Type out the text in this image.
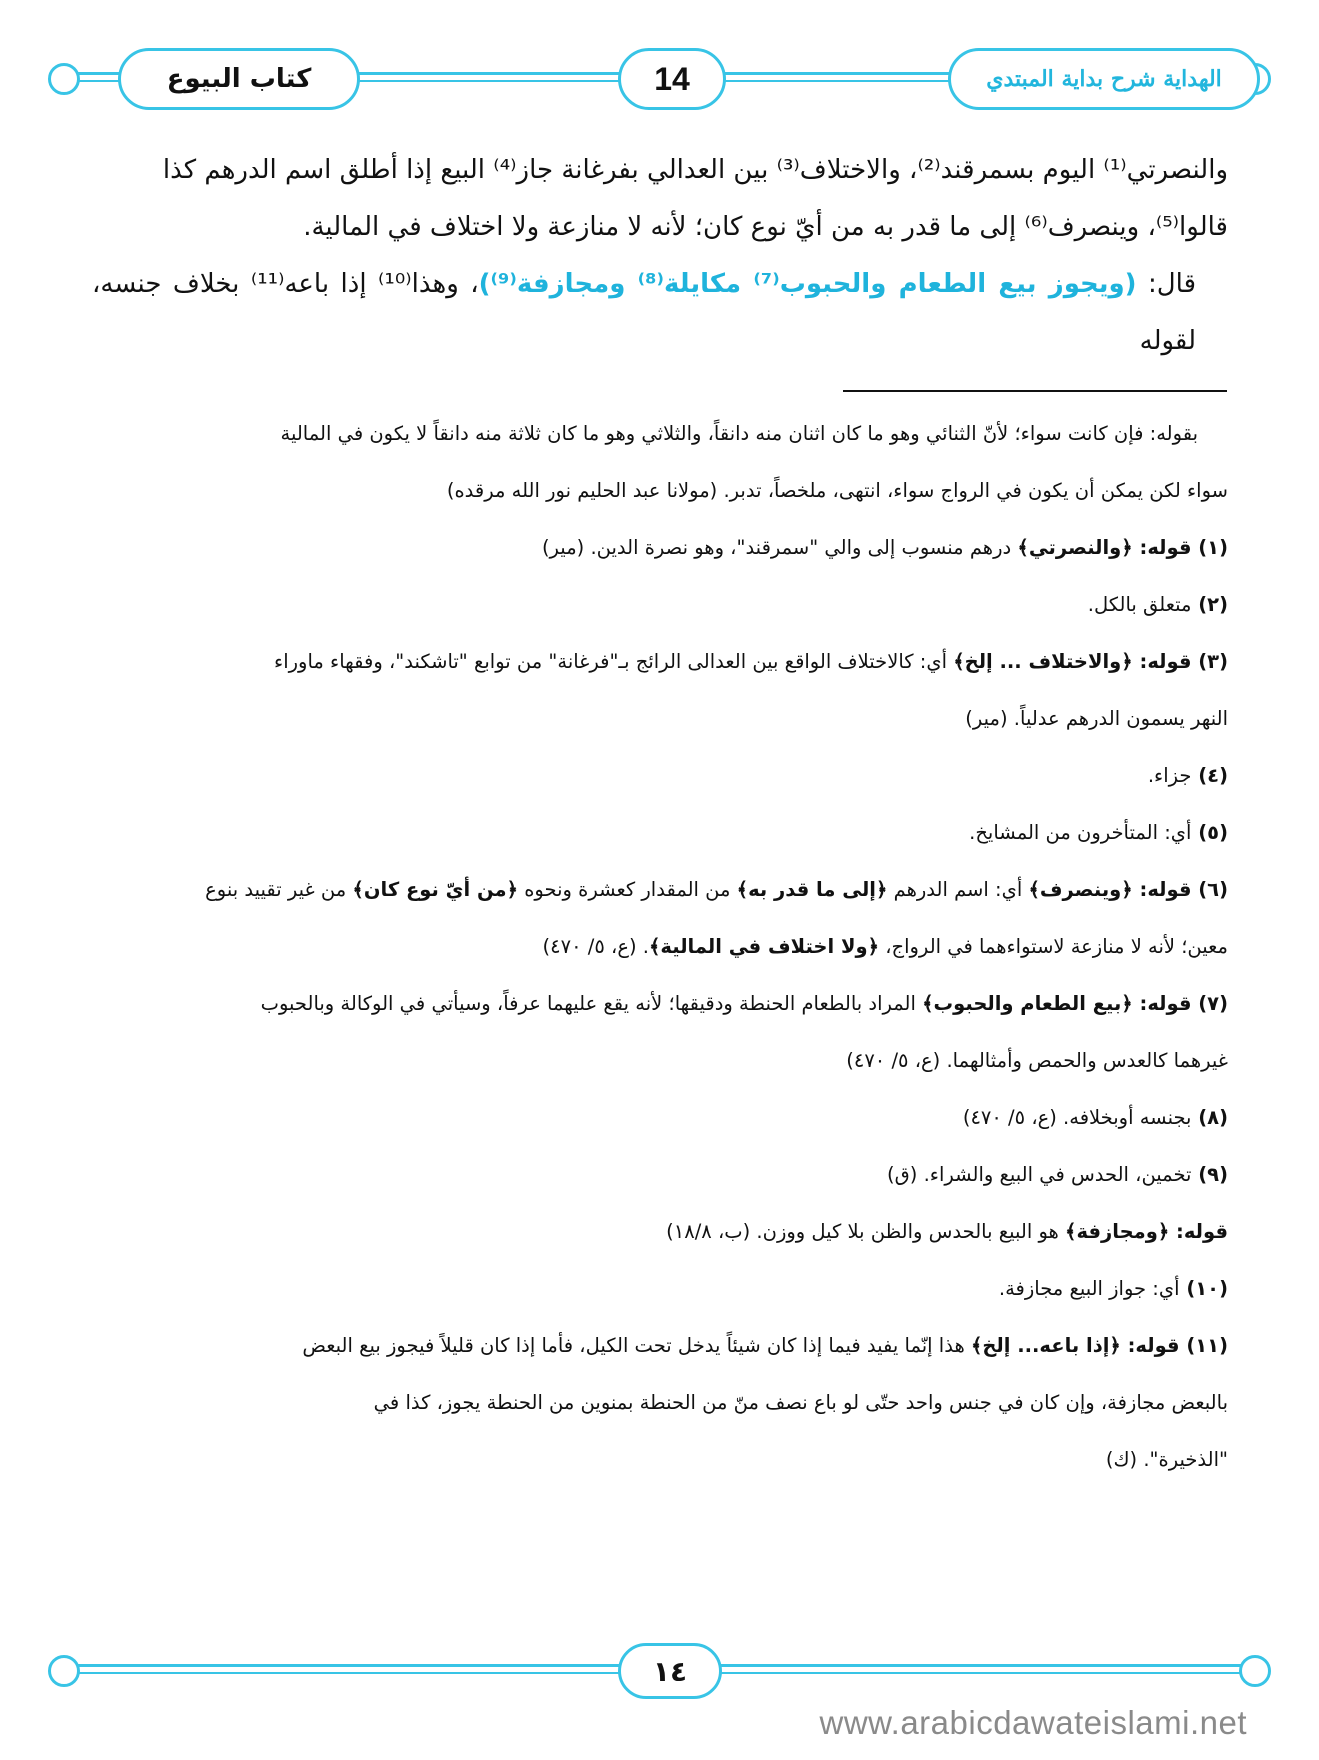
كتاب البيوع	14	الهداية شرح بداية المبتدي
والنصرتي⁽¹⁾ اليوم بسمرقند⁽²⁾، والاختلاف⁽³⁾ بين العدالي بفرغانة جاز⁽⁴⁾ البيع إذا أطلق اسم الدرهم كذا
قالوا⁽⁵⁾، وينصرف⁽⁶⁾ إلى ما قدر به من أيّ نوع كان؛ لأنه لا منازعة ولا اختلاف في المالية.
قال: (ويجوز بيع الطعام والحبوب⁽⁷⁾ مكايلة⁽⁸⁾ ومجازفة⁽⁹⁾)، وهذا⁽¹⁰⁾ إذا باعه⁽¹¹⁾ بخلاف جنسه، لقوله

بقوله: فإن كانت سواء؛ لأنّ الثنائي وهو ما كان اثنان منه دانقاً، والثلاثي وهو ما كان ثلاثة منه دانقاً لا يكون في المالية

سواء لكن يمكن أن يكون في الرواج سواء، انتهى، ملخصاً، تدبر. (مولانا عبد الحليم نور الله مرقده)

(١) قوله: ﴿والنصرتي﴾ درهم منسوب إلى والي "سمرقند"، وهو نصرة الدين. (مير)

(٢) متعلق بالكل.

(٣) قوله: ﴿والاختلاف ... إلخ﴾ أي: كالاختلاف الواقع بين العدالى الرائج بـ"فرغانة" من توابع "تاشكند"، وفقهاء ماوراء

النهر يسمون الدرهم عدلياً. (مير)

(٤) جزاء.

(٥) أي: المتأخرون من المشايخ.

(٦) قوله: ﴿وينصرف﴾ أي: اسم الدرهم ﴿إلى ما قدر به﴾ من المقدار كعشرة ونحوه ﴿من أيّ نوع كان﴾ من غير تقييد بنوع

معين؛ لأنه لا منازعة لاستواءهما في الرواج، ﴿ولا اختلاف في المالية﴾. (ع، ٥/ ٤٧٠)

(٧) قوله: ﴿بيع الطعام والحبوب﴾ المراد بالطعام الحنطة ودقيقها؛ لأنه يقع عليهما عرفاً، وسيأتي في الوكالة وبالحبوب

غيرهما كالعدس والحمص وأمثالهما. (ع، ٥/ ٤٧٠)

(٨) بجنسه أوبخلافه. (ع، ٥/ ٤٧٠)

(٩) تخمين، الحدس في البيع والشراء. (ق)

قوله: ﴿ومجازفة﴾ هو البيع بالحدس والظن بلا كيل ووزن. (ب، ١٨/٨)

(١٠) أي: جواز البيع مجازفة.

(١١) قوله: ﴿إذا باعه... إلخ﴾ هذا إنّما يفيد فيما إذا كان شيئاً يدخل تحت الكيل، فأما إذا كان قليلاً فيجوز بيع البعض

بالبعض مجازفة، وإن كان في جنس واحد حتّى لو باع نصف منّ من الحنطة بمنوين من الحنطة يجوز، كذا في

"الذخيرة". (ك)

١٤
www.arabicdawateislami.net
